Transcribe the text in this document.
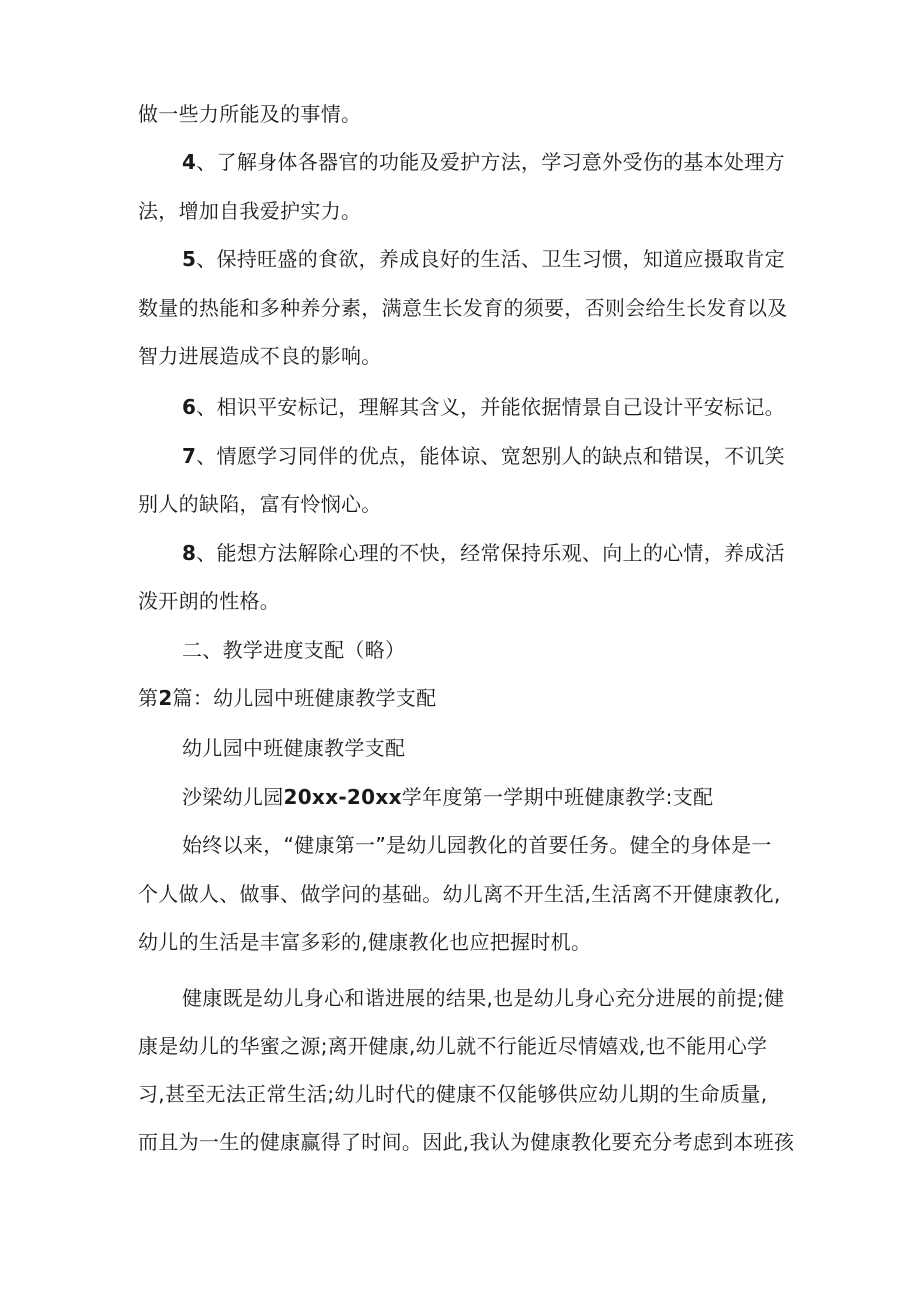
做一些力所能及的事情。
4、了解身体各器官的功能及爱护方法，学习意外受伤的基本处理方
法，增加自我爱护实力。
5、保持旺盛的食欲，养成良好的生活、卫生习惯，知道应摄取肯定
数量的热能和多种养分素，满意生长发育的须要，否则会给生长发育以及
智力进展造成不良的影响。
6、相识平安标记，理解其含义，并能依据情景自己设计平安标记。
7、情愿学习同伴的优点，能体谅、宽恕别人的缺点和错误，不讥笑
别人的缺陷，富有怜悯心。
8、能想方法解除心理的不快，经常保持乐观、向上的心情，养成活
泼开朗的性格。
二、教学进度支配（略）
第2篇：幼儿园中班健康教学支配
幼儿园中班健康教学支配
沙梁幼儿园20xx-20xx学年度第一学期中班健康教学:支配
始终以来，“健康第一”是幼儿园教化的首要任务。健全的身体是一
个人做人、做事、做学问的基础。幼儿离不开生活,生活离不开健康教化,
幼儿的生活是丰富多彩的,健康教化也应把握时机。
健康既是幼儿身心和谐进展的结果,也是幼儿身心充分进展的前提;健
康是幼儿的华蜜之源;离开健康,幼儿就不行能近尽情嬉戏,也不能用心学
习,甚至无法正常生活;幼儿时代的健康不仅能够供应幼儿期的生命质量,
而且为一生的健康赢得了时间。因此,我认为健康教化要充分考虑到本班孩
